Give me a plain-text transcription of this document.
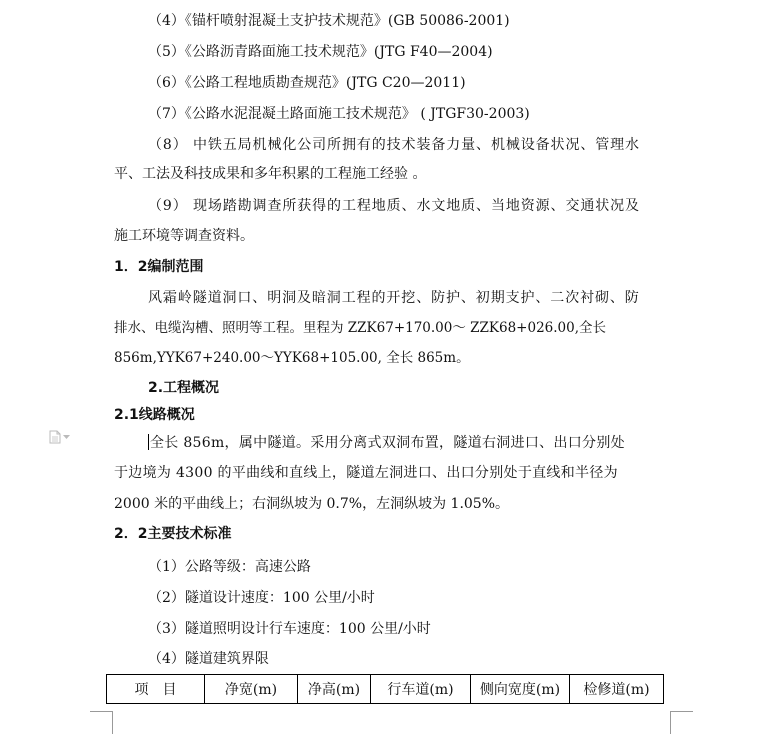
（4）《锚杆喷射混凝土支护技术规范》(GB 50086-2001)
（5）《公路沥青路面施工技术规范》(JTG F40—2004)
（6）《公路工程地质勘查规范》(JTG C20—2011)
（7）《公路水泥混凝土路面施工技术规范》 ( JTGF30-2003)
（8） 中铁五局机械化公司所拥有的技术装备力量、机械设备状况、管理水
平、工法及科技成果和多年积累的工程施工经验 。
（9） 现场踏勘调查所获得的工程地质、水文地质、当地资源、交通状况及
施工环境等调查资料。
1．2编制范围
风霜岭隧道洞口、明洞及暗洞工程的开挖、防护、初期支护、二次衬砌、防
排水、电缆沟槽、照明等工程。里程为 ZZK67+170.00～ ZZK68+026.00,全长
856m,YYK67+240.00～YYK68+105.00, 全长 865m。
2.工程概况
2.1线路概况
全长 856m，属中隧道。采用分离式双洞布置，隧道右洞进口、出口分别处
于边境为 4300 的平曲线和直线上，隧道左洞进口、出口分别处于直线和半径为
2000 米的平曲线上；右洞纵坡为 0.7%，左洞纵坡为 1.05%。
2．2主要技术标准
（1）公路等级：高速公路
（2）隧道设计速度：100 公里/小时
（3）隧道照明设计行车速度：100 公里/小时
（4）隧道建筑界限
项　目	净宽(m)	净高(m)	行车道(m)	侧向宽度(m)	检修道(m)
